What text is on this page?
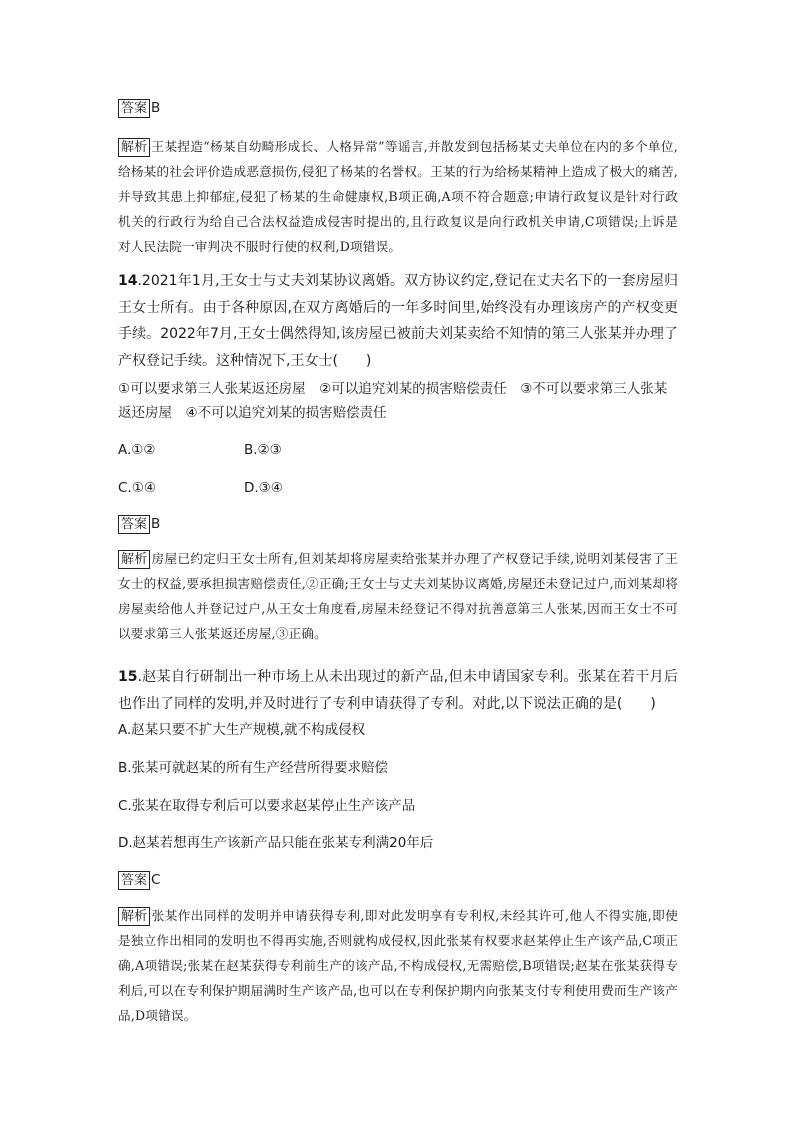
答案 B
解析 王某捏造“杨某自幼畸形成长、人格异常”等谣言,并散发到包括杨某丈夫单位在内的多个单位,给杨某的社会评价造成恶意损伤,侵犯了杨某的名誉权。王某的行为给杨某精神上造成了极大的痛苦,并导致其患上抑郁症,侵犯了杨某的生命健康权,B项正确,A项不符合题意;申请行政复议是针对行政机关的行政行为给自己合法权益造成侵害时提出的,且行政复议是向行政机关申请,C项错误;上诉是对人民法院一审判决不服时行使的权利,D项错误。
14.2021年1月,王女士与丈夫刘某协议离婚。双方协议约定,登记在丈夫名下的一套房屋归王女士所有。由于各种原因,在双方离婚后的一年多时间里,始终没有办理该房产的产权变更手续。2022年7月,王女士偶然得知,该房屋已被前夫刘某卖给不知情的第三人张某并办理了产权登记手续。这种情况下,王女士(　　)
①可以要求第三人张某返还房屋　②可以追究刘某的损害赔偿责任　③不可以要求第三人张某返还房屋　④不可以追究刘某的损害赔偿责任
A.①②	B.②③
C.①④	D.③④
答案 B
解析 房屋已约定归王女士所有,但刘某却将房屋卖给张某并办理了产权登记手续,说明刘某侵害了王女士的权益,要承担损害赔偿责任,②正确;王女士与丈夫刘某协议离婚,房屋还未登记过户,而刘某却将房屋卖给他人并登记过户,从王女士角度看,房屋未经登记不得对抗善意第三人张某,因而王女士不可以要求第三人张某返还房屋,③正确。
15.赵某自行研制出一种市场上从未出现过的新产品,但未申请国家专利。张某在若干月后也作出了同样的发明,并及时进行了专利申请获得了专利。对此,以下说法正确的是(　　)
A.赵某只要不扩大生产规模,就不构成侵权
B.张某可就赵某的所有生产经营所得要求赔偿
C.张某在取得专利后可以要求赵某停止生产该产品
D.赵某若想再生产该新产品只能在张某专利满20年后
答案 C
解析 张某作出同样的发明并申请获得专利,即对此发明享有专利权,未经其许可,他人不得实施,即使是独立作出相同的发明也不得再实施,否则就构成侵权,因此张某有权要求赵某停止生产该产品,C项正确,A项错误;张某在赵某获得专利前生产的该产品,不构成侵权,无需赔偿,B项错误;赵某在张某获得专利后,可以在专利保护期届满时生产该产品,也可以在专利保护期内向张某支付专利使用费而生产该产品,D项错误。
